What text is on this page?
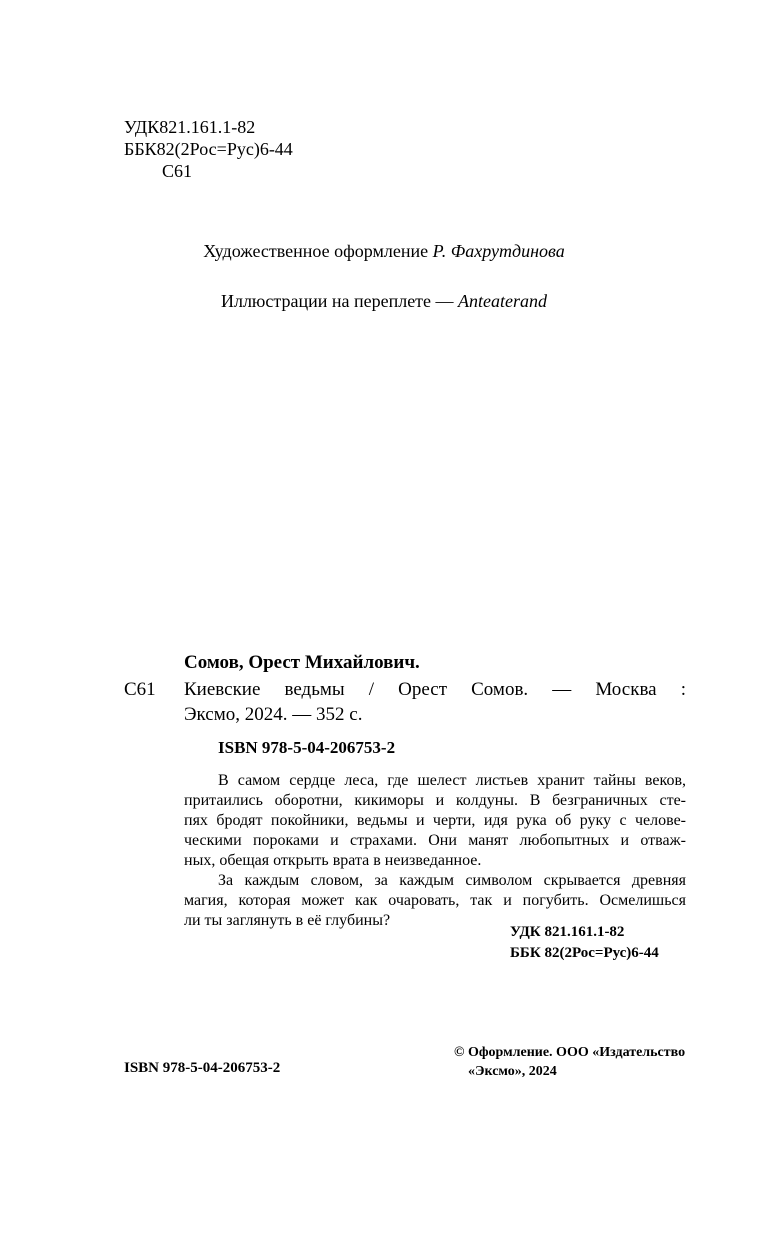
УДК821.161.1-82
ББК82(2Рос=Рус)6-44
С61
Художественное оформление Р. Фахрутдинова
Иллюстрации на переплете — Anteaterand
Сомов, Орест Михайлович.
С61 Киевские ведьмы / Орест Сомов. — Москва :
Эксмо, 2024. — 352 с.
ISBN 978-5-04-206753-2
В самом сердце леса, где шелест листьев хранит тайны веков,
притаились оборотни, кикиморы и колдуны. В безграничных сте-
пях бродят покойники, ведьмы и черти, идя рука об руку с челове-
ческими пороками и страхами. Они манят любопытных и отваж-
ных, обещая открыть врата в неизведанное.
За каждым словом, за каждым символом скрывается древняя
магия, которая может как очаровать, так и погубить. Осмелишься
ли ты заглянуть в её глубины?
УДК 821.161.1-82
ББК 82(2Рос=Рус)6-44
ISBN 978-5-04-206753-2
© Оформление. ООО «Издательство
«Эксмо», 2024
